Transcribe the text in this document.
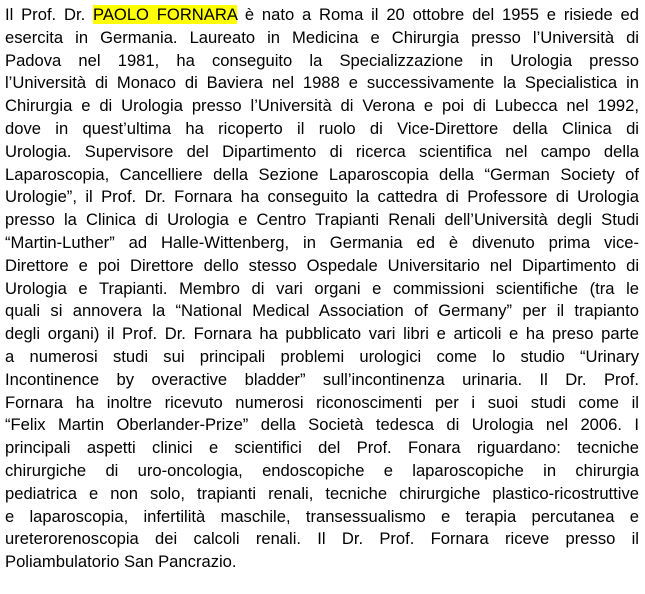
Il Prof. Dr. PAOLO FORNARA è nato a Roma il 20 ottobre del 1955 e risiede ed
esercita in Germania. Laureato in Medicina e Chirurgia presso l’Università di
Padova nel 1981, ha conseguito la Specializzazione in Urologia presso
l’Università di Monaco di Baviera nel 1988 e successivamente la Specialistica in
Chirurgia e di Urologia presso l’Università di Verona e poi di Lubecca nel 1992,
dove in quest’ultima ha ricoperto il ruolo di Vice-Direttore della Clinica di
Urologia. Supervisore del Dipartimento di ricerca scientifica nel campo della
Laparoscopia, Cancelliere della Sezione Laparoscopia della “German Society of
Urologie”, il Prof. Dr. Fornara ha conseguito la cattedra di Professore di Urologia
presso la Clinica di Urologia e Centro Trapianti Renali dell’Università degli Studi
“Martin-Luther” ad Halle-Wittenberg, in Germania ed è divenuto prima vice-
Direttore e poi Direttore dello stesso Ospedale Universitario nel Dipartimento di
Urologia e Trapianti. Membro di vari organi e commissioni scientifiche (tra le
quali si annovera la “National Medical Association of Germany” per il trapianto
degli organi) il Prof. Dr. Fornara ha pubblicato vari libri e articoli e ha preso parte
a numerosi studi sui principali problemi urologici come lo studio “Urinary
Incontinence by overactive bladder” sull’incontinenza urinaria. Il Dr. Prof.
Fornara ha inoltre ricevuto numerosi riconoscimenti per i suoi studi come il
“Felix Martin Oberlander-Prize” della Società tedesca di Urologia nel 2006. I
principali aspetti clinici e scientifici del Prof. Fonara riguardano: tecniche
chirurgiche di uro-oncologia, endoscopiche e laparoscopiche in chirurgia
pediatrica e non solo, trapianti renali, tecniche chirurgiche plastico-ricostruttive
e laparoscopia, infertilità maschile, transessualismo e terapia percutanea e
ureterorenoscopia dei calcoli renali. Il Dr. Prof. Fornara riceve presso il
Poliambulatorio San Pancrazio.
